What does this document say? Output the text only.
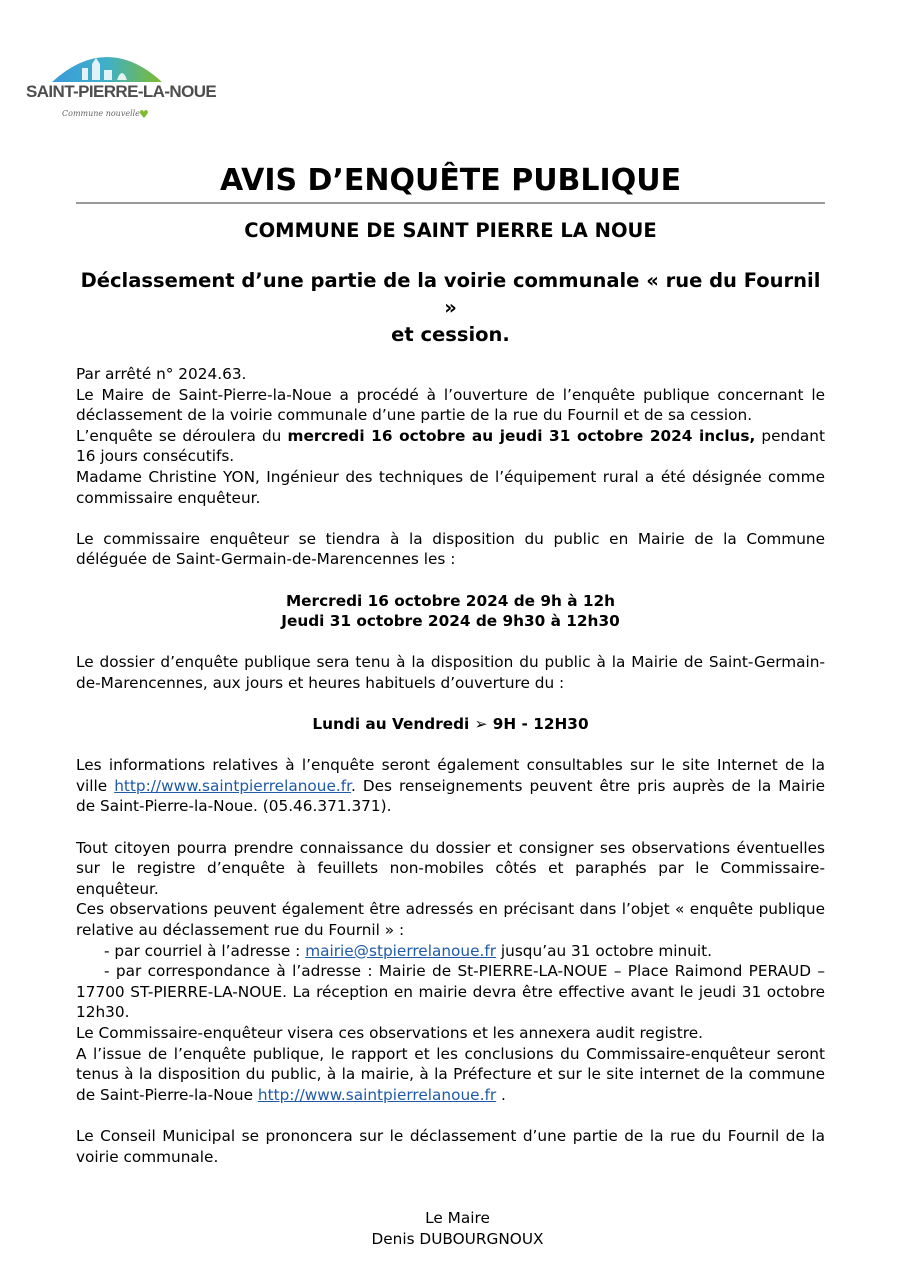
SAINT-PIERRE-LA-NOUE
Commune nouvelle ♥
AVIS D’ENQUÊTE PUBLIQUE
COMMUNE DE SAINT PIERRE LA NOUE
Déclassement d’une partie de la voirie communale « rue du Fournil »
et cession.

Par arrêté n° 2024.63.

Le Maire de Saint-Pierre-la-Noue a procédé à l’ouverture de l’enquête publique concernant le déclassement de la voirie communale d’une partie de la rue du Fournil et de sa cession.

L’enquête se déroulera du mercredi 16 octobre au jeudi 31 octobre 2024 inclus, pendant 16 jours consécutifs.

Madame Christine YON, Ingénieur des techniques de l’équipement rural a été désignée comme commissaire enquêteur.

Le commissaire enquêteur se tiendra à la disposition du public en Mairie de la Commune déléguée de Saint-Germain-de-Marencennes les :

Mercredi 16 octobre 2024 de 9h à 12h

Jeudi 31 octobre 2024 de 9h30 à 12h30

Le dossier d’enquête publique sera tenu à la disposition du public à la Mairie de Saint-Germain-de-Marencennes, aux jours et heures habituels d’ouverture du :

Lundi au Vendredi ➢ 9H - 12H30

Les informations relatives à l’enquête seront également consultables sur le site Internet de la ville http://www.saintpierrelanoue.fr. Des renseignements peuvent être pris auprès de la Mairie de Saint-Pierre-la-Noue. (05.46.371.371).

Tout citoyen pourra prendre connaissance du dossier et consigner ses observations éventuelles sur le registre d’enquête à feuillets non-mobiles côtés et paraphés par le Commissaire-enquêteur.

Ces observations peuvent également être adressés en précisant dans l’objet « enquête publique relative au déclassement rue du Fournil » :

- par courriel à l’adresse : mairie@stpierrelanoue.fr jusqu’au 31 octobre minuit.

- par correspondance à l’adresse : Mairie de St-PIERRE-LA-NOUE – Place Raimond PERAUD – 17700 ST-PIERRE-LA-NOUE. La réception en mairie devra être effective avant le jeudi 31 octobre 12h30.

Le Commissaire-enquêteur visera ces observations et les annexera audit registre.

A l’issue de l’enquête publique, le rapport et les conclusions du Commissaire-enquêteur seront tenus à la disposition du public, à la mairie, à la Préfecture et sur le site internet de la commune de Saint-Pierre-la-Noue http://www.saintpierrelanoue.fr .

Le Conseil Municipal se prononcera sur le déclassement d’une partie de la rue du Fournil de la voirie communale.

Le Maire
Denis DUBOURGNOUX
